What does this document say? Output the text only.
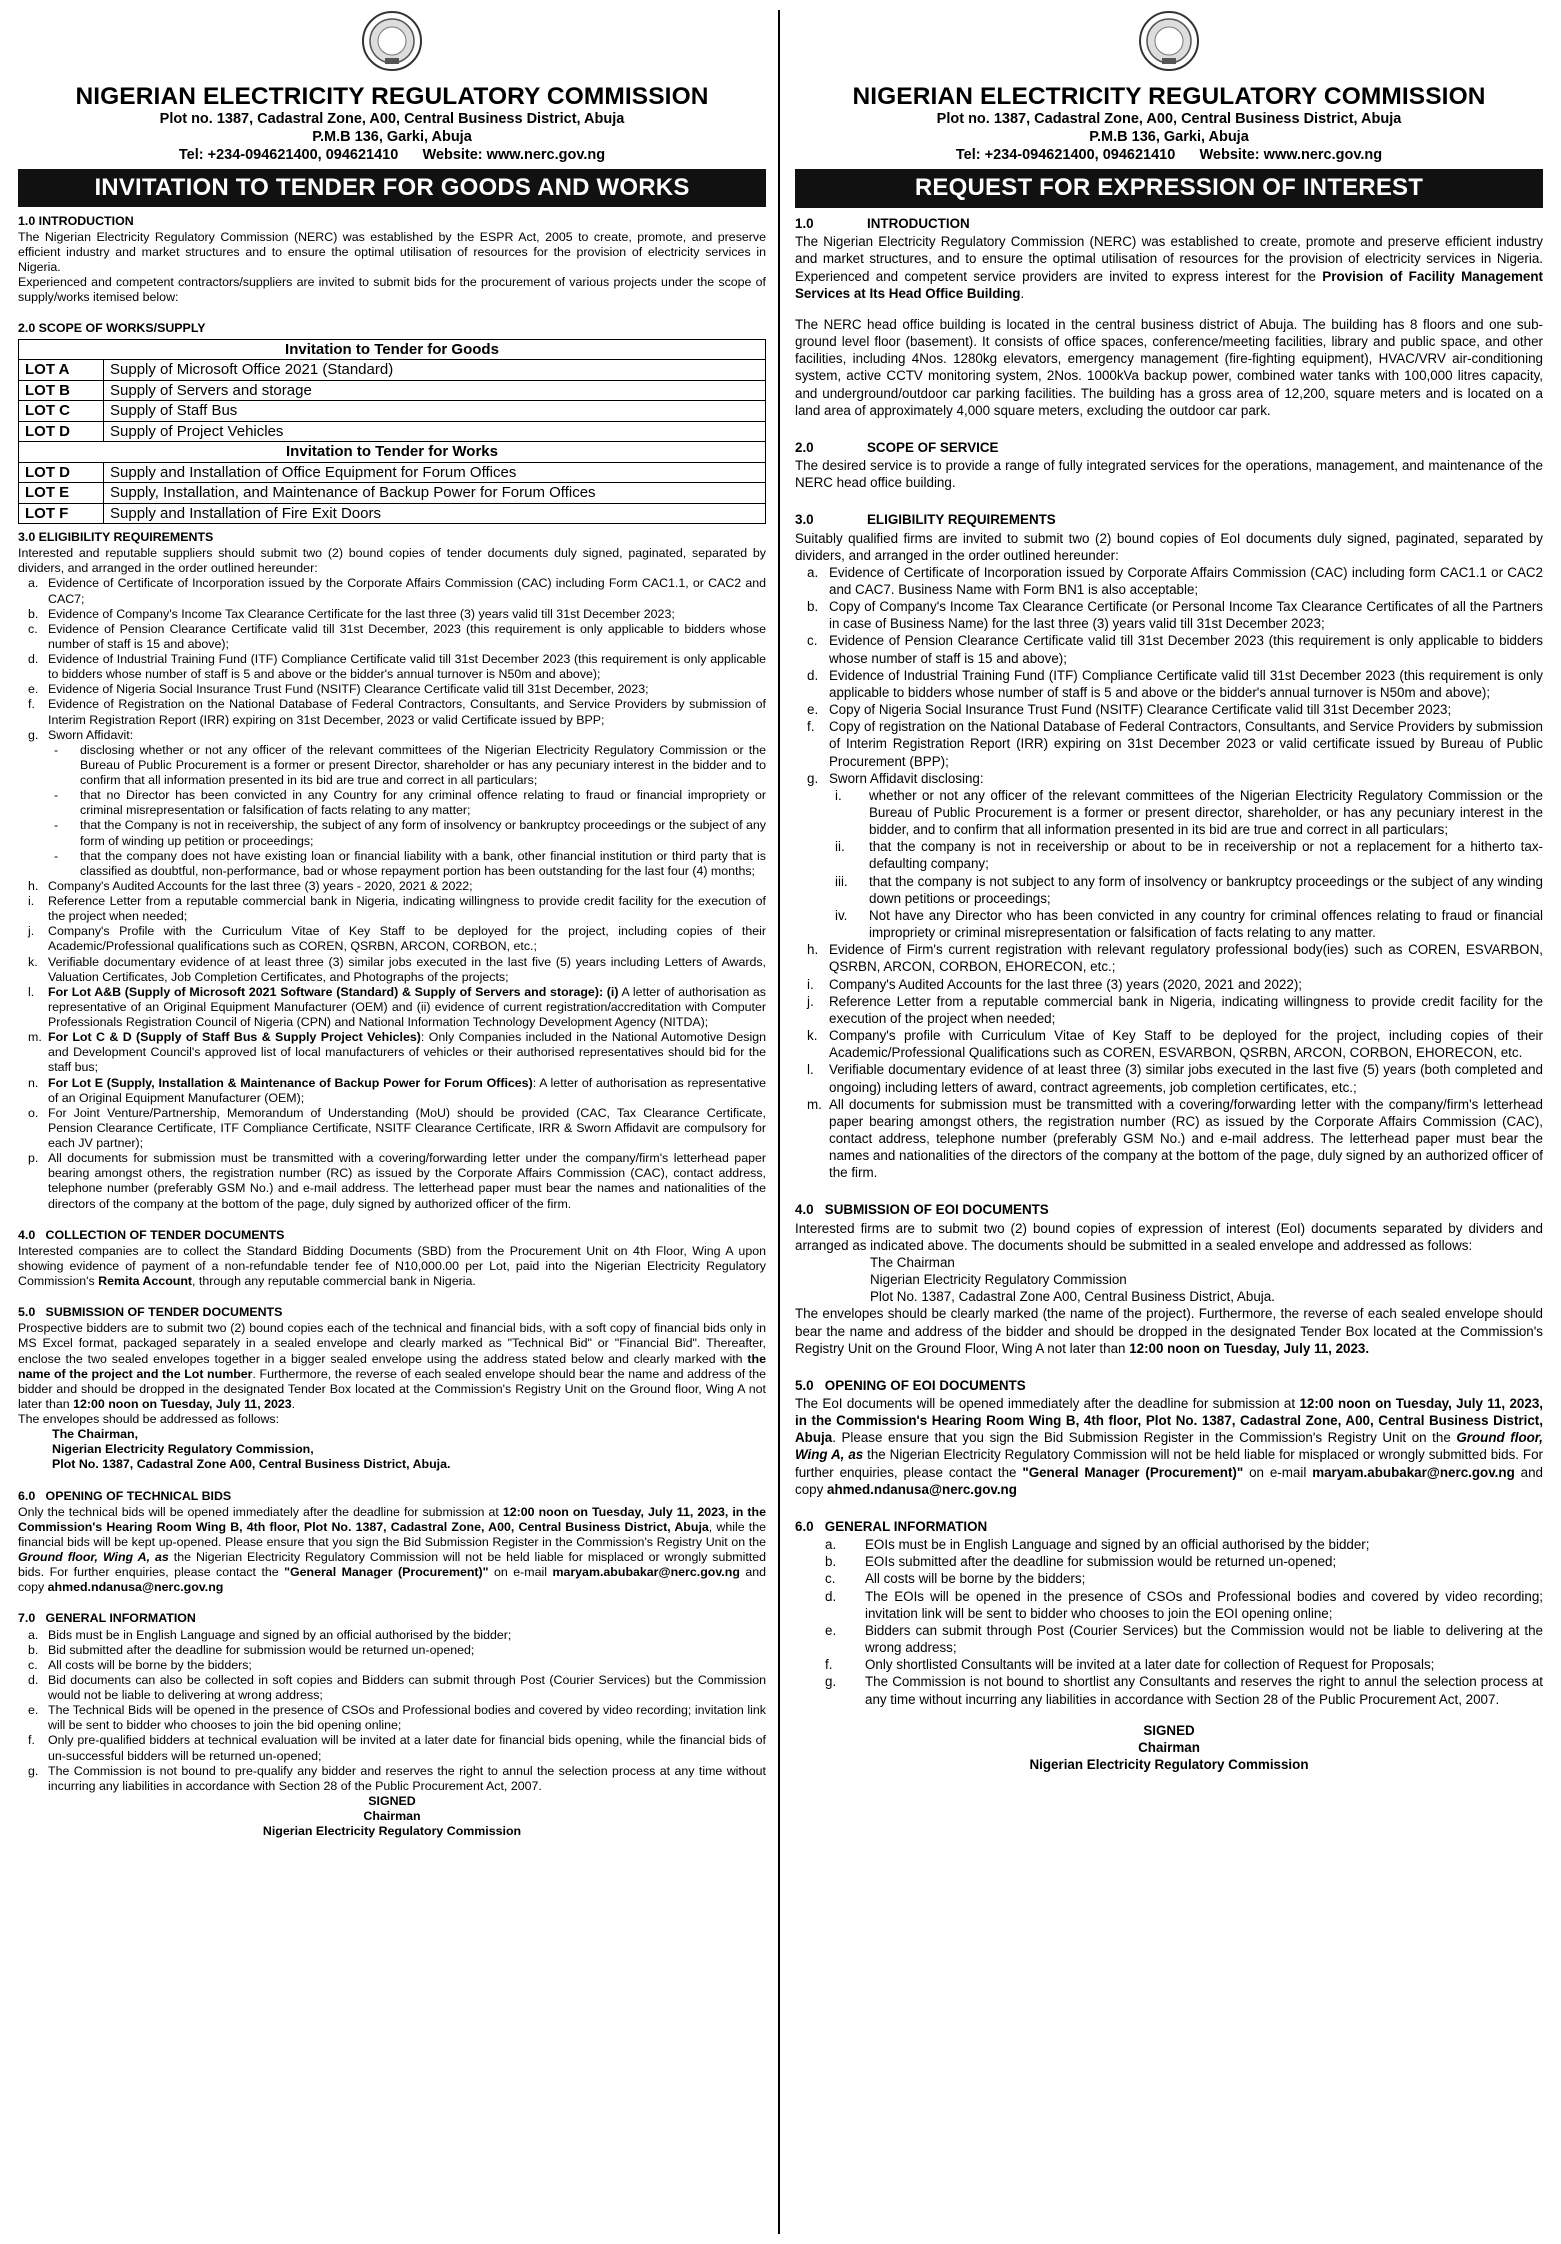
NIGERIAN ELECTRICITY REGULATORY COMMISSION

Plot no. 1387, Cadastral Zone, A00, Central Business District, Abuja

P.M.B 136, Garki, Abuja

Tel: +234-094621400, 094621410      Website: www.nerc.gov.ng

INVITATION TO TENDER FOR GOODS AND WORKS
1.0 INTRODUCTION

The Nigerian Electricity Regulatory Commission (NERC) was established by the ESPR Act, 2005 to create, promote, and preserve efficient industry and market structures and to ensure the optimal utilisation of resources for the provision of electricity services in Nigeria.

Experienced and competent contractors/suppliers are invited to submit bids for the procurement of various projects under the scope of supply/works itemised below:

2.0 SCOPE OF WORKS/SUPPLY
Invitation to Tender for Goods	
LOT A	Supply of Microsoft Office 2021 (Standard)
LOT B	Supply of Servers and storage
LOT C	Supply of Staff Bus
LOT D	Supply of Project Vehicles
Invitation to Tender for Works	
LOT D	Supply and Installation of Office Equipment for Forum Offices
LOT E	Supply, Installation, and Maintenance of Backup Power for Forum Offices
LOT F	Supply and Installation of Fire Exit Doors
3.0 ELIGIBILITY REQUIREMENTS

Interested and reputable suppliers should submit two (2) bound copies of tender documents duly signed, paginated, separated by dividers, and arranged in the order outlined hereunder:

a. Evidence of Certificate of Incorporation issued by the Corporate Affairs Commission (CAC) including Form CAC1.1, or CAC2 and CAC7;
b. Evidence of Company's Income Tax Clearance Certificate for the last three (3) years valid till 31st December 2023;
c. Evidence of Pension Clearance Certificate valid till 31st December, 2023 (this requirement is only applicable to bidders whose number of staff is 15 and above);
d. Evidence of Industrial Training Fund (ITF) Compliance Certificate valid till 31st December 2023 (this requirement is only applicable to bidders whose number of staff is 5 and above or the bidder's annual turnover is N50m and above);
e. Evidence of Nigeria Social Insurance Trust Fund (NSITF) Clearance Certificate valid till 31st December, 2023;
f.	Evidence of Registration on the National Database of Federal Contractors, Consultants, and Service Providers by submission of Interim Registration Report (IRR) expiring on 31st December, 2023 or valid Certificate issued by BPP;
g. Sworn Affidavit:
-	disclosing whether or not any officer of the relevant committees of the Nigerian Electricity Regulatory Commission or the Bureau of Public Procurement is a former or present Director, shareholder or has any pecuniary interest in the bidder and to confirm that all information presented in its bid are true and correct in all particulars;
-	that no Director has been convicted in any Country for any criminal offence relating to fraud or financial impropriety or criminal misrepresentation or falsification of facts relating to any matter;
-	that the Company is not in receivership, the subject of any form of insolvency or bankruptcy proceedings or the subject of any form of winding up petition or proceedings;
-	that the company does not have existing loan or financial liability with a bank, other financial institution or third party that is classified as doubtful, non-performance, bad or whose repayment portion has been outstanding for the last four (4) months;
h. Company's Audited Accounts for the last three (3) years - 2020, 2021 & 2022;
i.	Reference Letter from a reputable commercial bank in Nigeria, indicating willingness to provide credit facility for the execution of the project when needed;
j.	Company's Profile with the Curriculum Vitae of Key Staff to be deployed for the project, including copies of their Academic/Professional qualifications such as COREN, QSRBN, ARCON, CORBON, etc.;
k. Verifiable documentary evidence of at least three (3) similar jobs executed in the last five (5) years including Letters of Awards, Valuation Certificates, Job Completion Certificates, and Photographs of the projects;
l.	For Lot A&B (Supply of Microsoft 2021 Software (Standard) & Supply of Servers and storage): (i) A letter of authorisation as representative of an Original Equipment Manufacturer (OEM) and (ii) evidence of current registration/accreditation with Computer Professionals Registration Council of Nigeria (CPN) and National Information Technology Development Agency (NITDA);
m. For Lot C & D (Supply of Staff Bus & Supply Project Vehicles): Only Companies included in the National Automotive Design and Development Council's approved list of local manufacturers of vehicles or their authorised representatives should bid for the staff bus;
n. For Lot E (Supply, Installation & Maintenance of Backup Power for Forum Offices): A letter of authorisation as representative of an Original Equipment Manufacturer (OEM);
o. For Joint Venture/Partnership, Memorandum of Understanding (MoU) should be provided (CAC, Tax Clearance Certificate, Pension Clearance Certificate, ITF Compliance Certificate, NSITF Clearance Certificate, IRR & Sworn Affidavit are compulsory for each JV partner);
p. All documents for submission must be transmitted with a covering/forwarding letter under the company/firm's letterhead paper bearing amongst others, the registration number (RC) as issued by the Corporate Affairs Commission (CAC), contact address, telephone number (preferably GSM No.) and e-mail address. The letterhead paper must bear the names and nationalities of the directors of the company at the bottom of the page, duly signed by authorized officer of the firm.
4.0   COLLECTION OF TENDER DOCUMENTS

Interested companies are to collect the Standard Bidding Documents (SBD) from the Procurement Unit on 4th Floor, Wing A upon showing evidence of payment of a non-refundable tender fee of N10,000.00 per Lot, paid into the Nigerian Electricity Regulatory Commission's Remita Account, through any reputable commercial bank in Nigeria.

5.0   SUBMISSION OF TENDER DOCUMENTS

Prospective bidders are to submit two (2) bound copies each of the technical and financial bids, with a soft copy of financial bids only in MS Excel format, packaged separately in a sealed envelope and clearly marked as "Technical Bid" or "Financial Bid". Thereafter, enclose the two sealed envelopes together in a bigger sealed envelope using the address stated below and clearly marked with the name of the project and the Lot number. Furthermore, the reverse of each sealed envelope should bear the name and address of the bidder and should be dropped in the designated Tender Box located at the Commission's Registry Unit on the Ground floor, Wing A not later than 12:00 noon on Tuesday, July 11, 2023.

The envelopes should be addressed as follows:

The Chairman,
Nigerian Electricity Regulatory Commission,
Plot No. 1387, Cadastral Zone A00, Central Business District, Abuja.
6.0   OPENING OF TECHNICAL BIDS

Only the technical bids will be opened immediately after the deadline for submission at 12:00 noon on Tuesday, July 11, 2023, in the Commission's Hearing Room Wing B, 4th floor, Plot No. 1387, Cadastral Zone, A00, Central Business District, Abuja, while the financial bids will be kept up-opened. Please ensure that you sign the Bid Submission Register in the Commission's Registry Unit on the Ground floor, Wing A, as the Nigerian Electricity Regulatory Commission will not be held liable for misplaced or wrongly submitted bids. For further enquiries, please contact the "General Manager (Procurement)" on e-mail maryam.abubakar@nerc.gov.ng and copy ahmed.ndanusa@nerc.gov.ng

7.0   GENERAL INFORMATION
a. Bids must be in English Language and signed by an official authorised by the bidder;
b. Bid submitted after the deadline for submission would be returned un-opened;
c. All costs will be borne by the bidders;
d. Bid documents can also be collected in soft copies and Bidders can submit through Post (Courier Services) but the Commission would not be liable to delivering at wrong address;
e. The Technical Bids will be opened in the presence of CSOs and Professional bodies and covered by video recording; invitation link will be sent to bidder who chooses to join the bid opening online;
f.	Only pre-qualified bidders at technical evaluation will be invited at a later date for financial bids opening, while the financial bids of un-successful bidders will be returned un-opened;
g. The Commission is not bound to pre-qualify any bidder and reserves the right to annul the selection process at any time without incurring any liabilities in accordance with Section 28 of the Public Procurement Act, 2007.
SIGNED
Chairman
Nigerian Electricity Regulatory Commission
NIGERIAN ELECTRICITY REGULATORY COMMISSION

Plot no. 1387, Cadastral Zone, A00, Central Business District, Abuja

P.M.B 136, Garki, Abuja

Tel: +234-094621400, 094621410      Website: www.nerc.gov.ng

REQUEST FOR EXPRESSION OF INTEREST
1.0	INTRODUCTION

The Nigerian Electricity Regulatory Commission (NERC) was established to create, promote and preserve efficient industry and market structures, and to ensure the optimal utilisation of resources for the provision of electricity services in Nigeria. Experienced and competent service providers are invited to express interest for the Provision of Facility Management Services at Its Head Office Building.

The NERC head office building is located in the central business district of Abuja. The building has 8 floors and one sub-ground level floor (basement). It consists of office spaces, conference/meeting facilities, library and public space, and other facilities, including 4Nos. 1280kg elevators, emergency management (fire-fighting equipment), HVAC/VRV air-conditioning system, active CCTV monitoring system, 2Nos. 1000kVa backup power, combined water tanks with 100,000 litres capacity, and underground/outdoor car parking facilities. The building has a gross area of 12,200, square meters and is located on a land area of approximately 4,000 square meters, excluding the outdoor car park.

2.0	SCOPE OF SERVICE

The desired service is to provide a range of fully integrated services for the operations, management, and maintenance of the NERC head office building.

3.0	ELIGIBILITY REQUIREMENTS

Suitably qualified firms are invited to submit two (2) bound copies of EoI documents duly signed, paginated, separated by dividers, and arranged in the order outlined hereunder:

a. Evidence of Certificate of Incorporation issued by Corporate Affairs Commission (CAC) including form CAC1.1 or CAC2 and CAC7. Business Name with Form BN1 is also acceptable;
b. Copy of Company's Income Tax Clearance Certificate (or Personal Income Tax Clearance Certificates of all the Partners in case of Business Name) for the last three (3) years valid till 31st December 2023;
c. Evidence of Pension Clearance Certificate valid till 31st December 2023 (this requirement is only applicable to bidders whose number of staff is 15 and above);
d. Evidence of Industrial Training Fund (ITF) Compliance Certificate valid till 31st December 2023 (this requirement is only applicable to bidders whose number of staff is 5 and above or the bidder's annual turnover is N50m and above);
e. Copy of Nigeria Social Insurance Trust Fund (NSITF) Clearance Certificate valid till 31st December 2023;
f.	Copy of registration on the National Database of Federal Contractors, Consultants, and Service Providers by submission of Interim Registration Report (IRR) expiring on 31st December 2023 or valid certificate issued by Bureau of Public Procurement (BPP);
g. Sworn Affidavit disclosing:
i.	whether or not any officer of the relevant committees of the Nigerian Electricity Regulatory Commission or the Bureau of Public Procurement is a former or present director, shareholder, or has any pecuniary interest in the bidder, and to confirm that all information presented in its bid are true and correct in all particulars;
ii.	that the company is not in receivership or about to be in receivership or not a replacement for a hitherto tax-defaulting company;
iii.	that the company is not subject to any form of insolvency or bankruptcy proceedings or the subject of any winding down petitions or proceedings;
iv.	Not have any Director who has been convicted in any country for criminal offences relating to fraud or financial impropriety or criminal misrepresentation or falsification of facts relating to any matter.
h. Evidence of Firm's current registration with relevant regulatory professional body(ies) such as COREN, ESVARBON, QSRBN, ARCON, CORBON, EHORECON, etc.;
i.	Company's Audited Accounts for the last three (3) years (2020, 2021 and 2022);
j.	Reference Letter from a reputable commercial bank in Nigeria, indicating willingness to provide credit facility for the execution of the project when needed;
k. Company's profile with Curriculum Vitae of Key Staff to be deployed for the project, including copies of their Academic/Professional Qualifications such as COREN, ESVARBON, QSRBN, ARCON, CORBON, EHORECON, etc.
l.	Verifiable documentary evidence of at least three (3) similar jobs executed in the last five (5) years (both completed and ongoing) including letters of award, contract agreements, job completion certificates, etc.;
m. All documents for submission must be transmitted with a covering/forwarding letter with the company/firm's letterhead paper bearing amongst others, the registration number (RC) as issued by the Corporate Affairs Commission (CAC), contact address, telephone number (preferably GSM No.) and e-mail address. The letterhead paper must bear the names and nationalities of the directors of the company at the bottom of the page, duly signed by an authorized officer of the firm.
4.0 SUBMISSION OF EOI DOCUMENTS

Interested firms are to submit two (2) bound copies of expression of interest (EoI) documents separated by dividers and arranged as indicated above. The documents should be submitted in a sealed envelope and addressed as follows:

The Chairman
Nigerian Electricity Regulatory Commission
Plot No. 1387, Cadastral Zone A00, Central Business District, Abuja.

The envelopes should be clearly marked (the name of the project). Furthermore, the reverse of each sealed envelope should bear the name and address of the bidder and should be dropped in the designated Tender Box located at the Commission's Registry Unit on the Ground Floor, Wing A not later than 12:00 noon on Tuesday, July 11, 2023.

5.0 OPENING OF EOI DOCUMENTS

The EoI documents will be opened immediately after the deadline for submission at 12:00 noon on Tuesday, July 11, 2023, in the Commission's Hearing Room Wing B, 4th floor, Plot No. 1387, Cadastral Zone, A00, Central Business District, Abuja. Please ensure that you sign the Bid Submission Register in the Commission's Registry Unit on the Ground floor, Wing A, as the Nigerian Electricity Regulatory Commission will not be held liable for misplaced or wrongly submitted bids. For further enquiries, please contact the "General Manager (Procurement)" on e-mail maryam.abubakar@nerc.gov.ng and copy ahmed.ndanusa@nerc.gov.ng

6.0 GENERAL INFORMATION
a.	EOIs must be in English Language and signed by an official authorised by the bidder;
b.	EOIs submitted after the deadline for submission would be returned un-opened;
c.	All costs will be borne by the bidders;
d.	The EOIs will be opened in the presence of CSOs and Professional bodies and covered by video recording; invitation link will be sent to bidder who chooses to join the EOI opening online;
e.	Bidders can submit through Post (Courier Services) but the Commission would not be liable to delivering at the wrong address;
f.	Only shortlisted Consultants will be invited at a later date for collection of Request for Proposals;
g.	The Commission is not bound to shortlist any Consultants and reserves the right to annul the selection process at any time without incurring any liabilities in accordance with Section 28 of the Public Procurement Act, 2007.
SIGNED
Chairman
Nigerian Electricity Regulatory Commission
